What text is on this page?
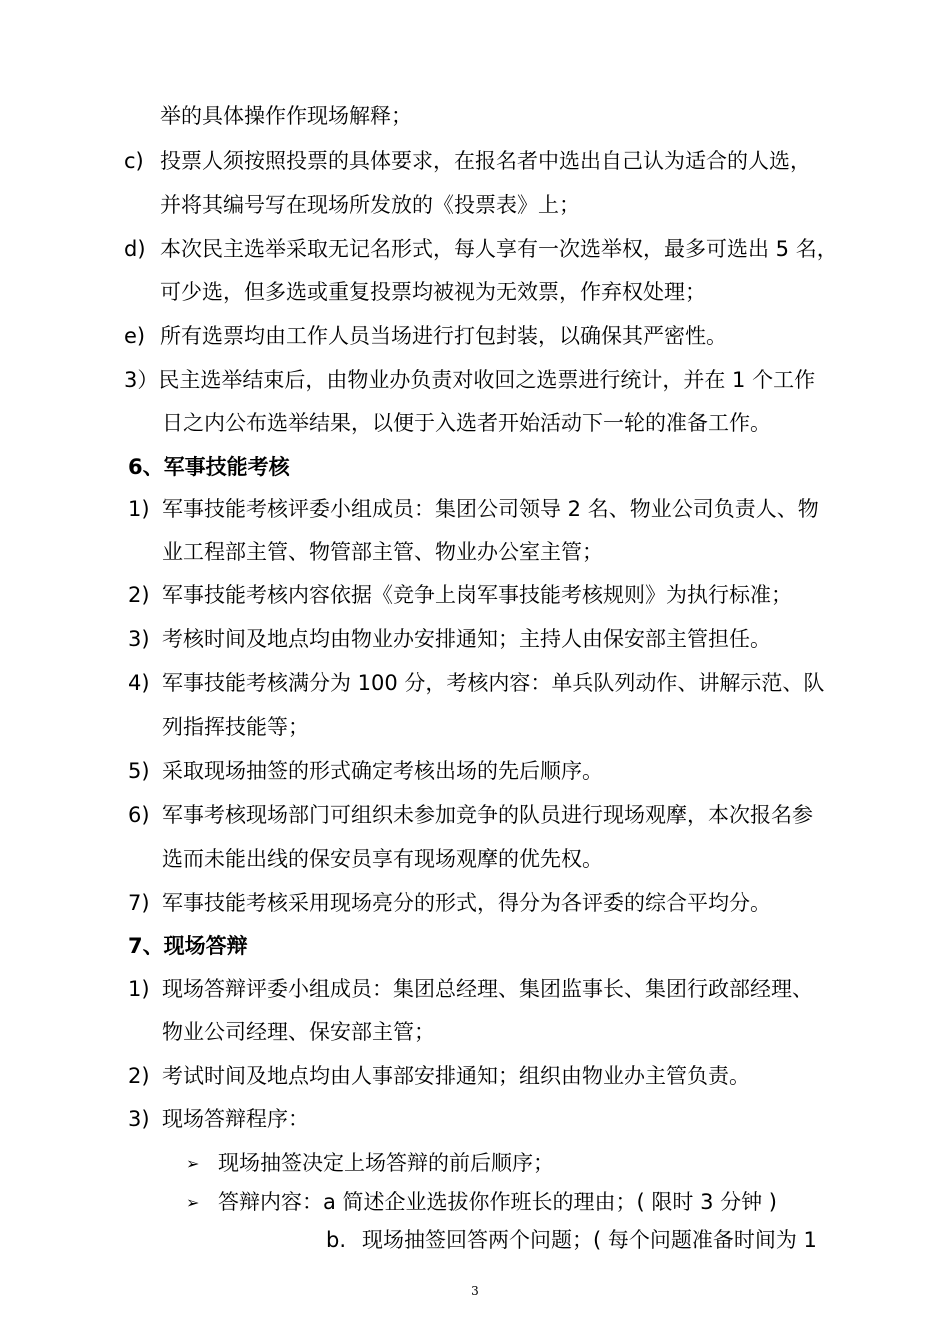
举的具体操作作现场解释；
c) 投票人须按照投票的具体要求，在报名者中选出自己认为适合的人选，
并将其编号写在现场所发放的《投票表》上；
d) 本次民主选举采取无记名形式，每人享有一次选举权，最多可选出 5 名，
可少选，但多选或重复投票均被视为无效票，作弃权处理；
e) 所有选票均由工作人员当场进行打包封装，以确保其严密性。
3）民主选举结束后，由物业办负责对收回之选票进行统计，并在 1 个工作
日之内公布选举结果，以便于入选者开始活动下一轮的准备工作。
6、军事技能考核
1) 军事技能考核评委小组成员：集团公司领导 2 名、物业公司负责人、物
业工程部主管、物管部主管、物业办公室主管；
2) 军事技能考核内容依据《竞争上岗军事技能考核规则》为执行标准；
3) 考核时间及地点均由物业办安排通知；主持人由保安部主管担任。
4) 军事技能考核满分为 100 分，考核内容：单兵队列动作、讲解示范、队
列指挥技能等；
5) 采取现场抽签的形式确定考核出场的先后顺序。
6) 军事考核现场部门可组织未参加竞争的队员进行现场观摩，本次报名参
选而未能出线的保安员享有现场观摩的优先权。
7) 军事技能考核采用现场亮分的形式，得分为各评委的综合平均分。
7、现场答辩
1) 现场答辩评委小组成员：集团总经理、集团监事长、集团行政部经理、
物业公司经理、保安部主管；
2) 考试时间及地点均由人事部安排通知；组织由物业办主管负责。
3) 现场答辩程序：
➢ 现场抽签决定上场答辩的前后顺序；
➢ 答辩内容：a 简述企业选拔你作班长的理由；( 限时 3 分钟 )
b. 现场抽签回答两个问题；( 每个问题准备时间为 1
3
